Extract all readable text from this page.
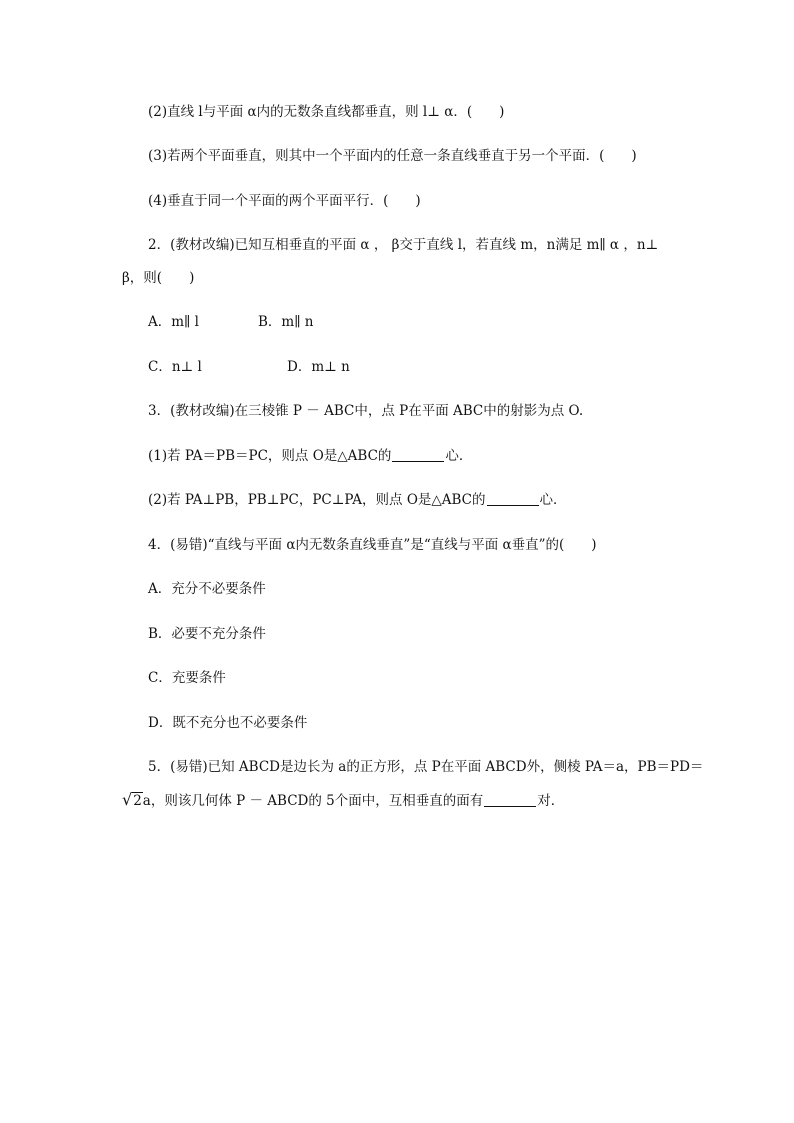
(2)直线 l与平面 α内的无数条直线都垂直，则 l⊥ α．(　　)
(3)若两个平面垂直，则其中一个平面内的任意一条直线垂直于另一个平面．(　　)
(4)垂直于同一个平面的两个平面平行．(　　)
2．(教材改编)已知互相垂直的平面 α ， β交于直线 l，若直线 m，n满足 m∥ α ，n⊥
β，则(　　)
A．m∥ l	B．m∥ n
C．n⊥ l	D．m⊥ n
3．(教材改编)在三棱锥 P － ABC中，点 P在平面 ABC中的射影为点 O.
(1)若 PA＝PB＝PC，则点 O是△ABC的	心．
(2)若 PA⊥PB，PB⊥PC，PC⊥PA，则点 O是△ABC的	心．
4．(易错)“直线与平面 α内无数条直线垂直”是“直线与平面 α垂直”的(　　)
A．充分不必要条件
B．必要不充分条件
C．充要条件
D．既不充分也不必要条件
5．(易错)已知 ABCD是边长为 a的正方形，点 P在平面 ABCD外，侧棱 PA＝a，PB＝PD＝
√2a，则该几何体 P － ABCD的 5个面中，互相垂直的面有	对．
